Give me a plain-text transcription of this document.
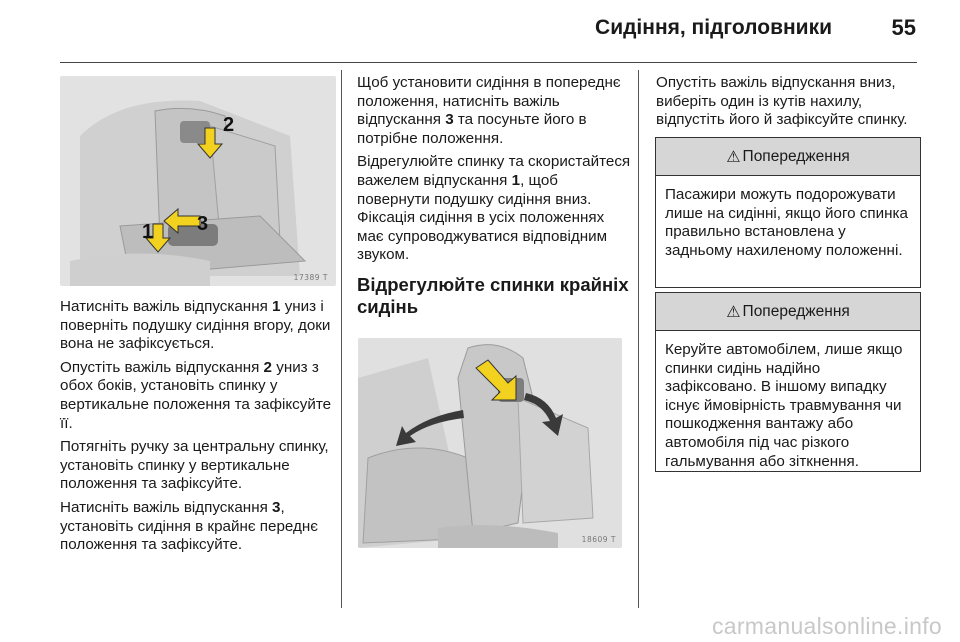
Сидіння, підголовники	55
1
2
3
17389 T

Натисніть важіль відпускання 1 униз і поверніть подушку сидіння вгору, доки вона не зафіксується.

Опустіть важіль відпускання 2 униз з обох боків, установіть спинку у вертикальне положення та зафіксуйте її.

Потягніть ручку за центральну спинку, установіть спинку у вертикальне положення та зафіксуйте.

Натисніть важіль відпускання 3, установіть сидіння в крайнє переднє положення та зафіксуйте.

Щоб установити сидіння в попереднє положення, натисніть важіль відпускання 3 та посуньте його в потрібне положення.

Відрегулюйте спинку та скористайтеся важелем відпускання 1, щоб повернути подушку сидіння вниз. Фіксація сидіння в усіх положеннях має супроводжуватися відповідним звуком.

Відрегулюйте спинки крайніх сидінь
18609 T

Опустіть важіль відпускання вниз, виберіть один із кутів нахилу, відпустіть його й зафіксуйте спинку.

⚠ Попередження
Пасажири можуть подорожувати лише на сидінні, якщо його спинка правильно встановлена у задньому нахиленому положенні.
⚠ Попередження
Керуйте автомобілем, лише якщо спинки сидінь надійно зафіксовано. В іншому випадку існує ймовірність травмування чи пошкодження вантажу або автомобіля під час різкого гальмування або зіткнення.
carmanualsonline.info
